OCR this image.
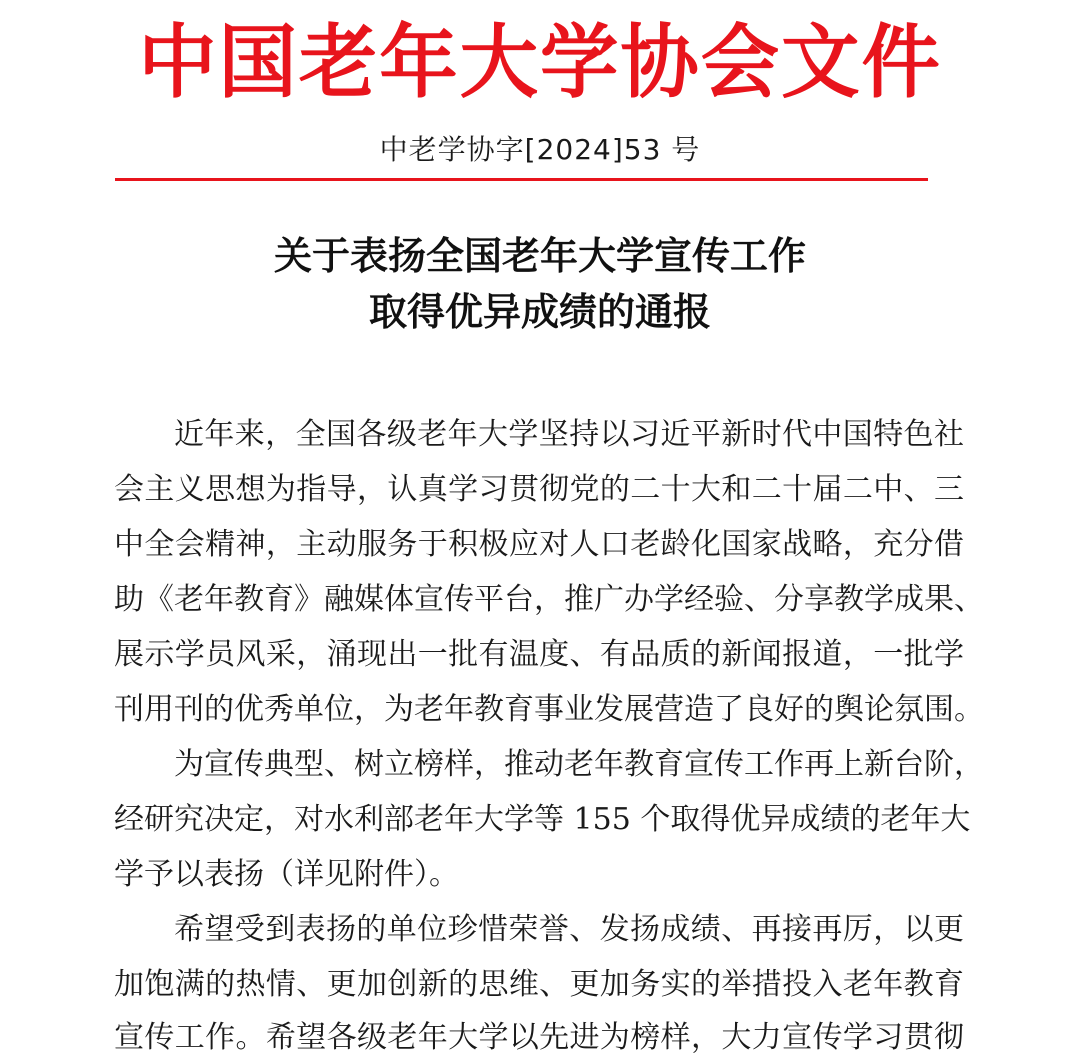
中国老年大学协会文件
中老学协字[2024]53 号
关于表扬全国老年大学宣传工作
取得优异成绩的通报
近年来，全国各级老年大学坚持以习近平新时代中国特色社
会主义思想为指导，认真学习贯彻党的二十大和二十届二中、三
中全会精神，主动服务于积极应对人口老龄化国家战略，充分借
助《老年教育》融媒体宣传平台，推广办学经验、分享教学成果、
展示学员风采，涌现出一批有温度、有品质的新闻报道，一批学
刊用刊的优秀单位，为老年教育事业发展营造了良好的舆论氛围。
为宣传典型、树立榜样，推动老年教育宣传工作再上新台阶，
经研究决定，对水利部老年大学等 155 个取得优异成绩的老年大
学予以表扬（详见附件）。
希望受到表扬的单位珍惜荣誉、发扬成绩、再接再厉，以更
加饱满的热情、更加创新的思维、更加务实的举措投入老年教育
宣传工作。希望各级老年大学以先进为榜样，大力宣传学习贯彻
